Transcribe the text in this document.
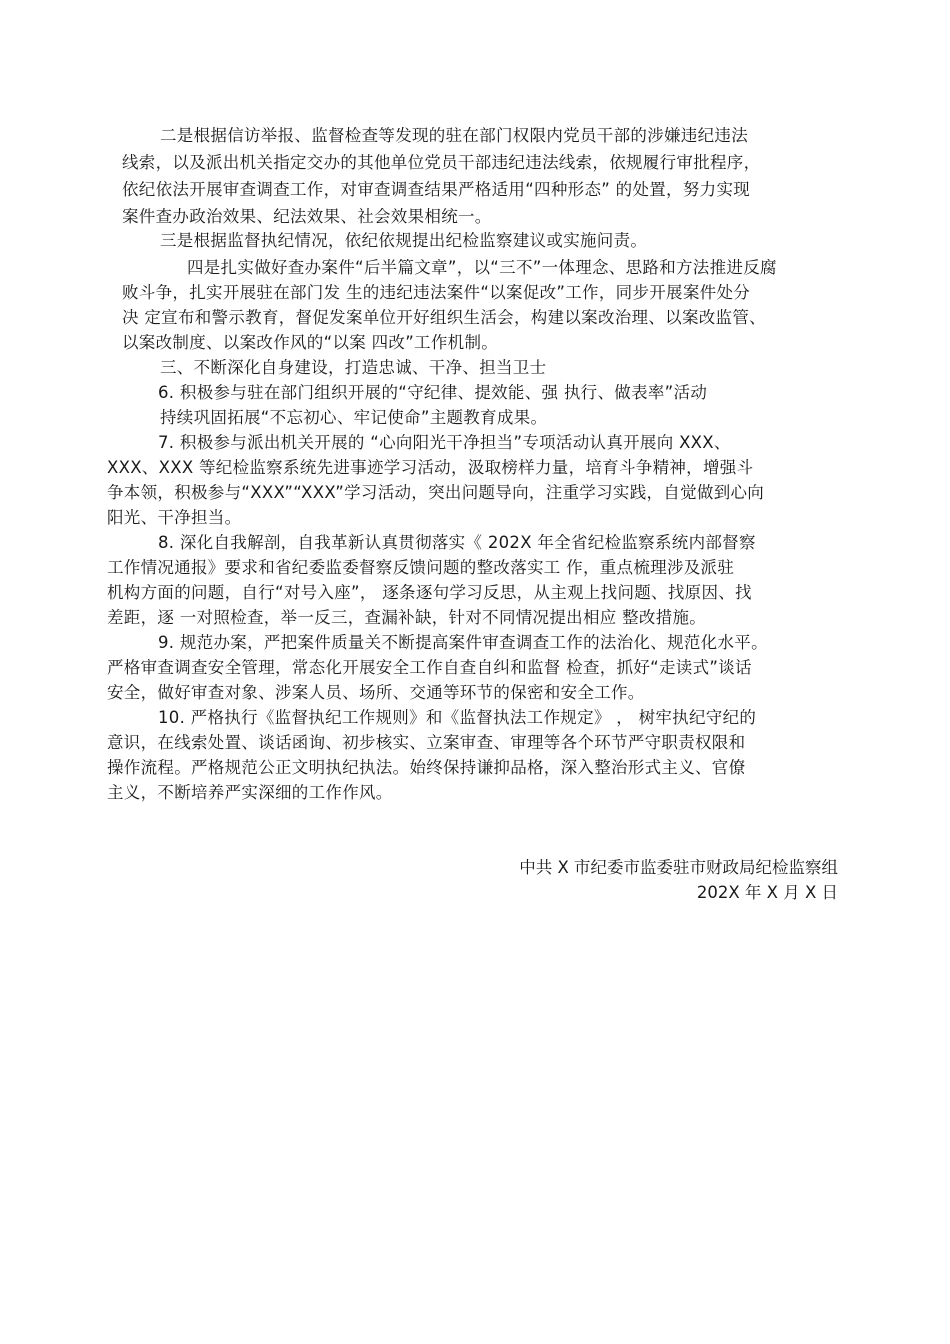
二是根据信访举报、监督检查等发现的驻在部门权限内党员干部的涉嫌违纪违法
线索，以及派出机关指定交办的其他单位党员干部违纪违法线索，依规履行审批程序，
依纪依法开展审查调查工作，对审查调查结果严格适用“四种形态” 的处置，努力实现
案件查办政治效果、纪法效果、社会效果相统一。
三是根据监督执纪情况，依纪依规提出纪检监察建议或实施问责。
四是扎实做好查办案件“后半篇文章”，以“三不”一体理念、思路和方法推进反腐
败斗争，扎实开展驻在部门发 生的违纪违法案件“以案促改”工作，同步开展案件处分
决 定宣布和警示教育，督促发案单位开好组织生活会，构建以案改治理、以案改监管、
以案改制度、以案改作风的“以案 四改”工作机制。
三、不断深化自身建设，打造忠诚、干净、担当卫士
6. 积极参与驻在部门组织开展的“守纪律、提效能、强 执行、做表率”活动
持续巩固拓展“不忘初心、牢记使命”主题教育成果。
7. 积极参与派出机关开展的 “心向阳光干净担当”专项活动认真开展向 XXX、
XXX、XXX 等纪检监察系统先进事迹学习活动，汲取榜样力量，培育斗争精神，增强斗
争本领，积极参与“XXX”“XXX”学习活动，突出问题导向，注重学习实践，自觉做到心向
阳光、干净担当。
8. 深化自我解剖，自我革新认真贯彻落实《 202X 年全省纪检监察系统内部督察
工作情况通报》要求和省纪委监委督察反馈问题的整改落实工 作，重点梳理涉及派驻
机构方面的问题，自行“对号入座”， 逐条逐句学习反思，从主观上找问题、找原因、找
差距，逐 一对照检查，举一反三，查漏补缺，针对不同情况提出相应 整改措施。
9. 规范办案，严把案件质量关不断提高案件审查调查工作的法治化、规范化水平。
严格审查调查安全管理，常态化开展安全工作自查自纠和监督 检查，抓好“走读式”谈话
安全，做好审查对象、涉案人员、场所、交通等环节的保密和安全工作。
10. 严格执行《监督执纪工作规则》和《监督执法工作规定》 ， 树牢执纪守纪的
意识，在线索处置、谈话函询、初步核实、立案审查、审理等各个环节严守职责权限和
操作流程。严格规范公正文明执纪执法。始终保持谦抑品格，深入整治形式主义、官僚
主义，不断培养严实深细的工作作风。
中共 X 市纪委市监委驻市财政局纪检监察组
202X 年 X 月 X 日
